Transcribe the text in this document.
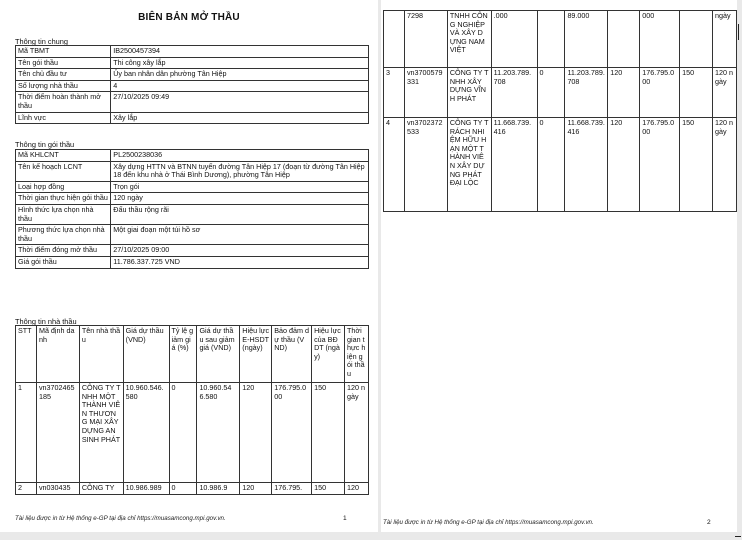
BIÊN BẢN MỞ THẦU
Thông tin chung
Mã TBMT	IB2500457394
Tên gói thầu	Thi công xây lắp
Tên chủ đầu tư	Ủy ban nhân dân phường Tân Hiệp
Số lượng nhà thầu	4
Thời điểm hoàn thành mở thầu	27/10/2025 09:49
Lĩnh vực	Xây lắp
Thông tin gói thầu
Mã KHLCNT	PL2500238036
Tên kế hoạch LCNT	Xây dựng HTTN và BTNN tuyến đường Tân Hiệp 17 (đoạn từ đường Tân Hiệp 18 đến khu nhà ở Thái Bình Dương), phường Tân Hiệp
Loại hợp đồng	Trọn gói
Thời gian thực hiện gói thầu	120 ngày
Hình thức lựa chọn nhà thầu	Đấu thầu rộng rãi
Phương thức lựa chọn nhà thầu	Một giai đoạn một túi hồ sơ
Thời điểm đóng mở thầu	27/10/2025 09:00
Giá gói thầu	11.786.337.725 VND
Thông tin nhà thầu
STT	Mã định danh	Tên nhà thầu	Giá dự thầu (VND)	Tỷ lệ giảm giá (%)	Giá dự thầu sau giảm giá (VND)	Hiệu lực E-HSDT (ngày)	Bảo đảm dự thầu (VND)	Hiệu lực của BĐ DT (ngày)	Thời gian thực hiện gói thầu
1	vn3702465185	CÔNG TY TNHH MỘT THÀNH VIÊN THƯƠNG MẠI XÂY DỰNG AN SINH PHÁT	10.960.546.580	0	10.960.546.580	120	176.795.000	150	120 ngày
2	vn030435	CÔNG TY	10.986.989	0	10.986.9	120	176.795.	150	120
Tài liệu được in từ Hệ thống e-GP tại địa chỉ https://muasamcong.mpi.gov.vn.	1
	7298	TNHH CÔNG NGHIỆP VÀ XÂY DỰNG NAM VIỆT	.000		89.000		000		ngày
3	vn3700579331	CÔNG TY TNHH XÂY DỰNG VĨNH PHÁT	11.203.789.708	0	11.203.789.708	120	176.795.000	150	120 ngày
4	vn3702372533	CÔNG TY TRÁCH NHIỆM HỮU HẠN MỘT THÀNH VIÊN XÂY DỰNG PHÁT ĐẠI LỘC	11.668.739.416	0	11.668.739.416	120	176.795.000	150	120 ngày
Tài liệu được in từ Hệ thống e-GP tại địa chỉ https://muasamcong.mpi.gov.vn.	2
